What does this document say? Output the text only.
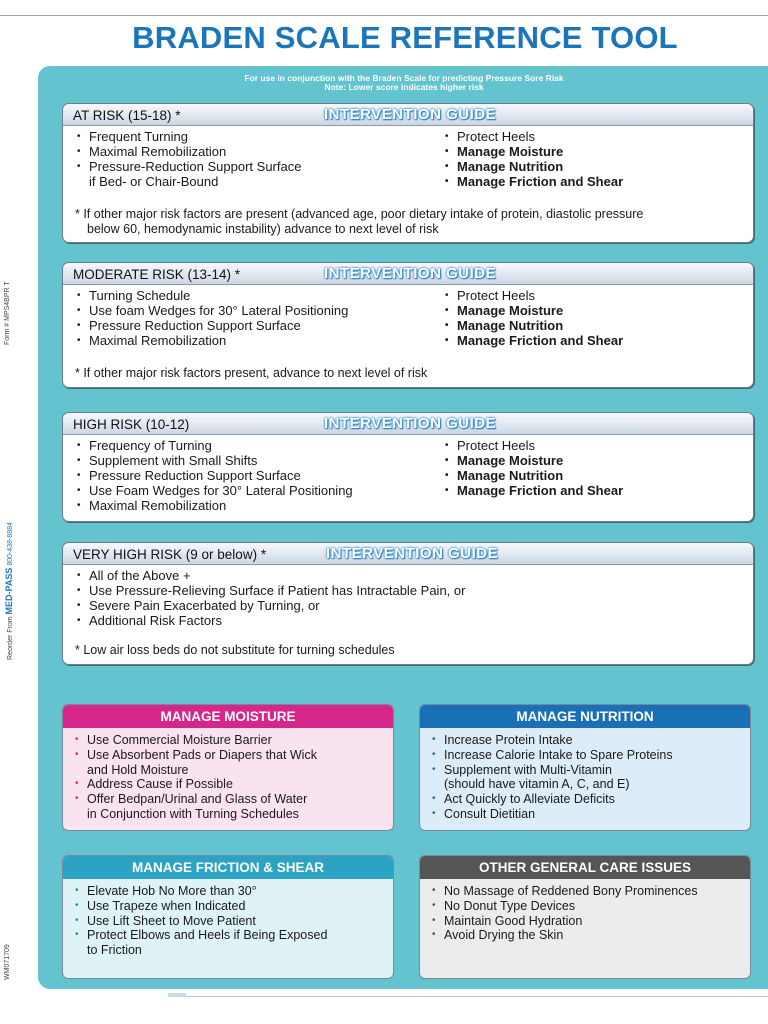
BRADEN SCALE REFERENCE TOOL
Form # MPS4BPR T
Reorder From MED-PASS 800-438-8884
WM071709
For use in conjunction with the Braden Scale for predicting Pressure Sore Risk
Note: Lower score indicates higher risk
AT RISK (15-18) *	INTERVENTION GUIDE
• Frequent Turning
• Maximal Remobilization
• Pressure-Reduction Support Surface
if Bed- or Chair-Bound
• Protect Heels
• Manage Moisture
• Manage Nutrition
• Manage Friction and Shear
* If other major risk factors are present (advanced age, poor dietary intake of protein, diastolic pressure
below 60, hemodynamic instability) advance to next level of risk
MODERATE RISK (13-14) *	INTERVENTION GUIDE
• Turning Schedule
• Use foam Wedges for 30° Lateral Positioning
• Pressure Reduction Support Surface
• Maximal Remobilization
• Protect Heels
• Manage Moisture
• Manage Nutrition
• Manage Friction and Shear
* If other major risk factors present, advance to next level of risk
HIGH RISK (10-12)	INTERVENTION GUIDE
• Frequency of Turning
• Supplement with Small Shifts
• Pressure Reduction Support Surface
• Use Foam Wedges for 30° Lateral Positioning
• Maximal Remobilization
• Protect Heels
• Manage Moisture
• Manage Nutrition
• Manage Friction and Shear
VERY HIGH RISK (9 or below) *	INTERVENTION GUIDE
• All of the Above +
• Use Pressure-Relieving Surface if Patient has Intractable Pain, or
• Severe Pain Exacerbated by Turning, or
• Additional Risk Factors
* Low air loss beds do not substitute for turning schedules
MANAGE MOISTURE
• Use Commercial Moisture Barrier
• Use Absorbent Pads or Diapers that Wick
and Hold Moisture
• Address Cause if Possible
• Offer Bedpan/Urinal and Glass of Water
in Conjunction with Turning Schedules
MANAGE NUTRITION
• Increase Protein Intake
• Increase Calorie Intake to Spare Proteins
• Supplement with Multi-Vitamin
(should have vitamin A, C, and E)
• Act Quickly to Alleviate Deficits
• Consult Dietitian
MANAGE FRICTION & SHEAR
• Elevate Hob No More than 30°
• Use Trapeze when Indicated
• Use Lift Sheet to Move Patient
• Protect Elbows and Heels if Being Exposed
to Friction
OTHER GENERAL CARE ISSUES
• No Massage of Reddened Bony Prominences
• No Donut Type Devices
• Maintain Good Hydration
• Avoid Drying the Skin
